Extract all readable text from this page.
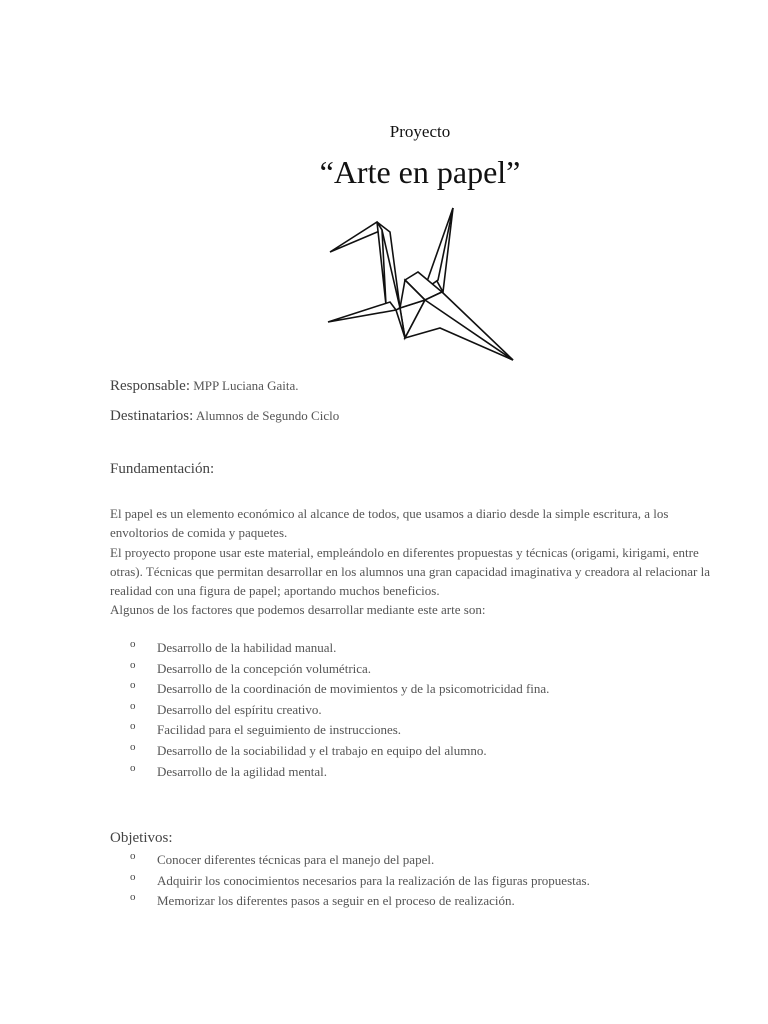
Proyecto
“Arte en papel”
Responsable: MPP Luciana Gaita.
Destinatarios: Alumnos de Segundo Ciclo
Fundamentación:

El papel es un elemento económico al alcance de todos, que usamos a diario desde la simple escritura, a los envoltorios de comida y paquetes.

El proyecto propone usar este material, empleándolo en diferentes propuestas y técnicas (origami, kirigami, entre otras). Técnicas que permitan desarrollar en los alumnos una gran capacidad imaginativa y creadora al relacionar la realidad con una figura de papel; aportando muchos beneficios.

Algunos de los factores que podemos desarrollar mediante este arte son:

o Desarrollo de la habilidad manual.
o Desarrollo de la concepción volumétrica.
o Desarrollo de la coordinación de movimientos y de la psicomotricidad fina.
o Desarrollo del espíritu creativo.
o Facilidad para el seguimiento de instrucciones.
o Desarrollo de la sociabilidad y el trabajo en equipo del alumno.
o Desarrollo de la agilidad mental.
Objetivos:
o Conocer diferentes técnicas para el manejo del papel.
o Adquirir los conocimientos necesarios para la realización de las figuras propuestas.
o Memorizar los diferentes pasos a seguir en el proceso de realización.
